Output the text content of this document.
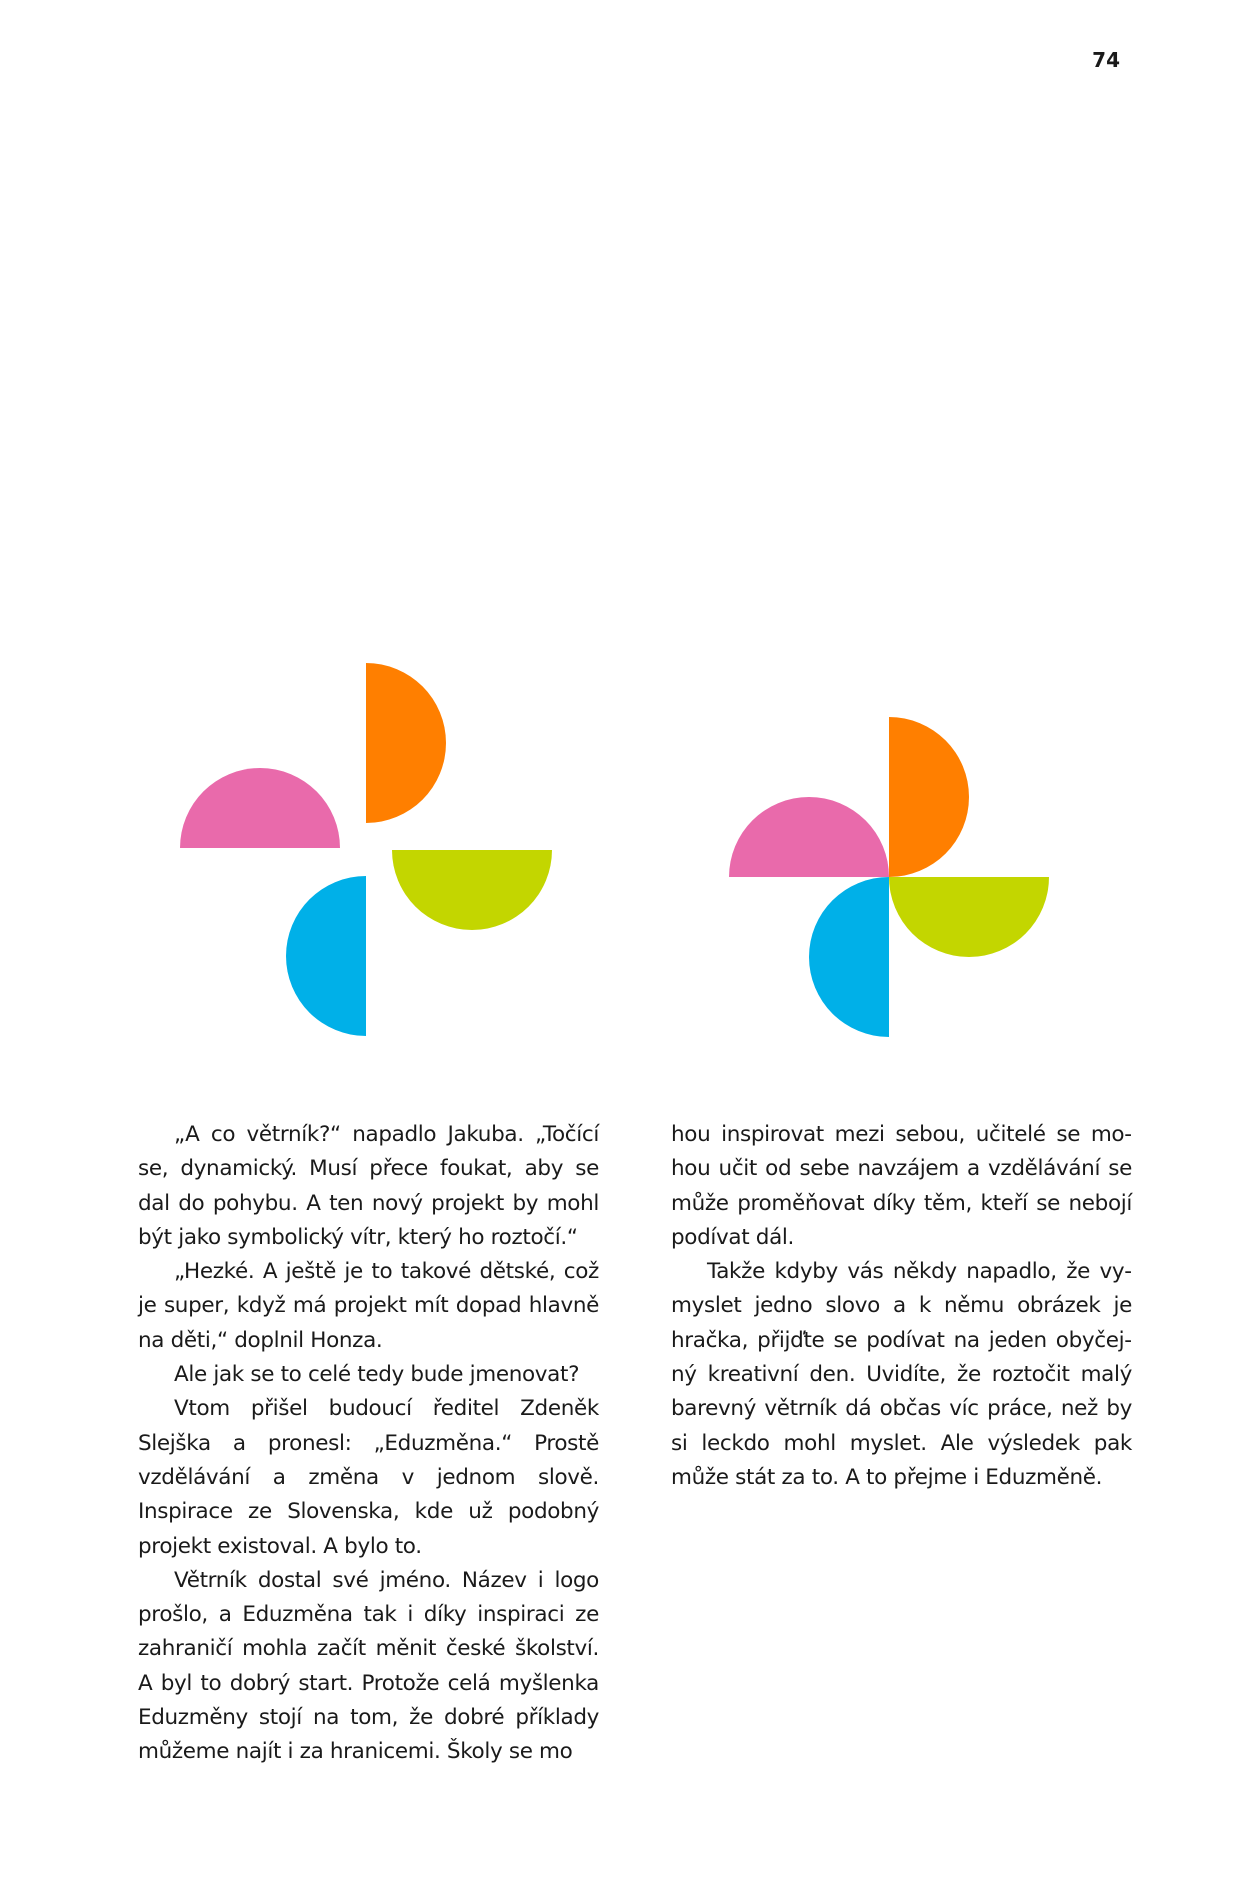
74

„A co větrník?“ napadlo Jakuba. „Točící se, dynamický. Musí přece foukat, aby se dal do pohybu. A ten nový projekt by mohl být jako symbolický vítr, který ho roztočí.“

„Hezké. A ještě je to takové dětské, což je super, když má projekt mít dopad hlavně na děti,“ doplnil Honza.

Ale jak se to celé tedy bude jmenovat?

Vtom přišel budoucí ředitel Zdeněk Slejška a pronesl: „Eduzměna.“ Prostě vzdělávání a změna v jednom slově. Inspirace ze Slovenska, kde už podobný projekt existoval. A bylo to.

Větrník dostal své jméno. Název i logo prošlo, a Eduzměna tak i díky inspiraci ze zahraničí mohla začít měnit české školství. A byl to dobrý start. Protože celá myšlenka Eduzměny stojí na tom, že dobré příklady můžeme najít i za hranicemi. Školy se mo

hou inspirovat mezi sebou, učitelé se mohou učit od sebe navzájem a vzdělávání se může proměňovat díky těm, kteří se nebojí podívat dál.

Takže kdyby vás někdy napadlo, že vymyslet jedno slovo a k němu obrázek je hračka, přijďte se podívat na jeden obyčejný kreativní den. Uvidíte, že roztočit malý barevný větrník dá občas víc práce, než by si leckdo mohl myslet. Ale výsledek pak může stát za to. A to přejme i Eduzměně.
